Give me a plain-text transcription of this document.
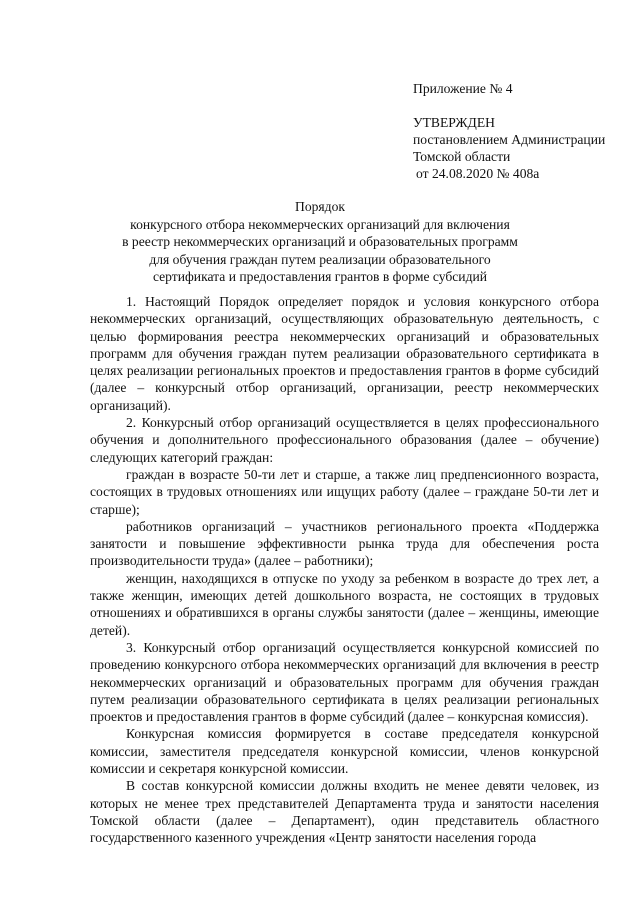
Приложение № 4
УТВЕРЖДЕН
постановлением Администрации
Томской области
от 24.08.2020 № 408а
Порядок
конкурсного отбора некоммерческих организаций для включения
в реестр некоммерческих организаций и образовательных программ
для обучения граждан путем реализации образовательного
сертификата и предоставления грантов в форме субсидий

1. Настоящий Порядок определяет порядок и условия конкурсного отбора некоммерческих организаций, осуществляющих образовательную деятельность, с целью формирования реестра некоммерческих организаций и образовательных программ для обучения граждан путем реализации образовательного сертификата в целях реализации региональных проектов и предоставления грантов в форме субсидий (далее – конкурсный отбор организаций, организации, реестр некоммерческих организаций).

2. Конкурсный отбор организаций осуществляется в целях профессионального обучения и дополнительного профессионального образования (далее – обучение) следующих категорий граждан:

граждан в возрасте 50-ти лет и старше, а также лиц предпенсионного возраста, состоящих в трудовых отношениях или ищущих работу (далее – граждане 50-ти лет и старше);

работников организаций – участников регионального проекта «Поддержка занятости и повышение эффективности рынка труда для обеспечения роста производительности труда» (далее – работники);

женщин, находящихся в отпуске по уходу за ребенком в возрасте до трех лет, а также женщин, имеющих детей дошкольного возраста, не состоящих в трудовых отношениях и обратившихся в органы службы занятости (далее – женщины, имеющие детей).

3. Конкурсный отбор организаций осуществляется конкурсной комиссией по проведению конкурсного отбора некоммерческих организаций для включения в реестр некоммерческих организаций и образовательных программ для обучения граждан путем реализации образовательного сертификата в целях реализации региональных проектов и предоставления грантов в форме субсидий (далее – конкурсная комиссия).

Конкурсная комиссия формируется в составе председателя конкурсной комиссии, заместителя председателя конкурсной комиссии, членов конкурсной комиссии и секретаря конкурсной комиссии.

В состав конкурсной комиссии должны входить не менее девяти человек, из которых не менее трех представителей Департамента труда и занятости населения Томской области (далее – Департамент), один представитель областного государственного казенного учреждения «Центр занятости населения города
